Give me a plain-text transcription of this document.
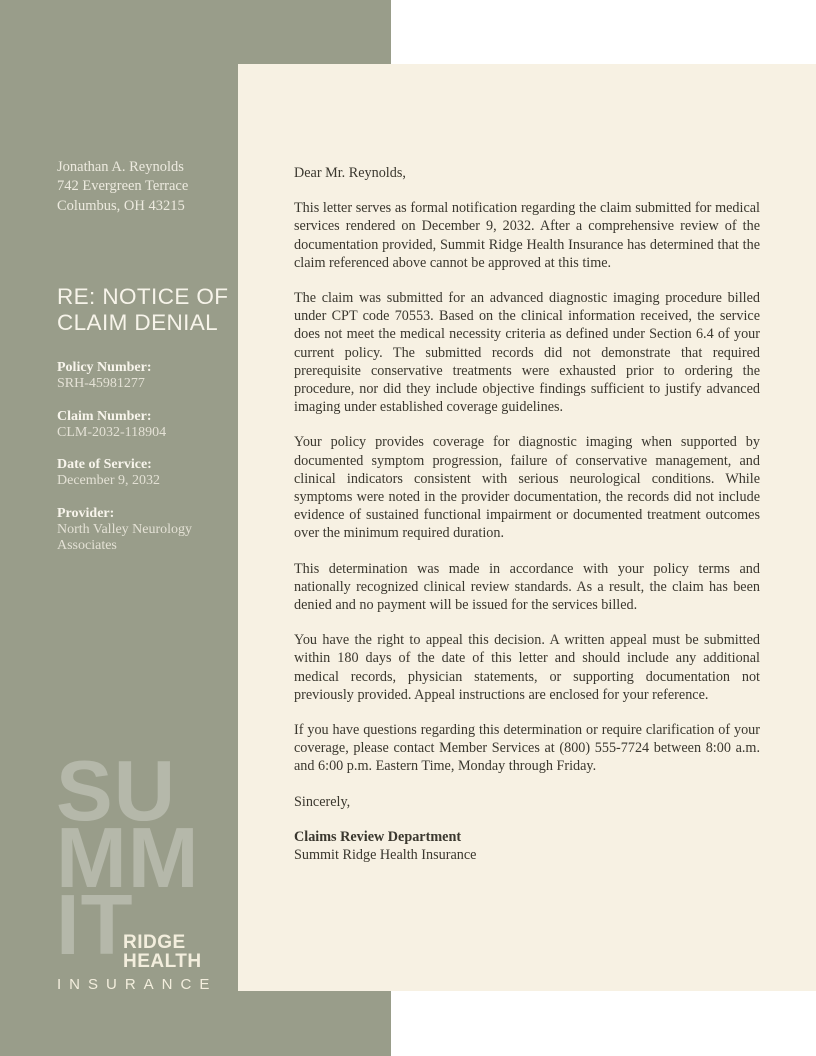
Jonathan A. Reynolds
742 Evergreen Terrace
Columbus, OH 43215
RE: NOTICE OF
CLAIM DENIAL
Policy Number:
SRH-45981277
Claim Number:
CLM-2032-118904
Date of Service:
December 9, 2032
Provider:
North Valley Neurology Associates
SU
MM
IT
RIDGE
HEALTH
INSURANCE

Dear Mr. Reynolds,

This letter serves as formal notification regarding the claim submitted for medical services rendered on December 9, 2032. After a comprehensive review of the documentation provided, Summit Ridge Health Insurance has determined that the claim referenced above cannot be approved at this time.

The claim was submitted for an advanced diagnostic imaging procedure billed under CPT code 70553. Based on the clinical information received, the service does not meet the medical necessity criteria as defined under Section 6.4 of your current policy. The submitted records did not demonstrate that required prerequisite conservative treatments were exhausted prior to ordering the procedure, nor did they include objective findings sufficient to justify advanced imaging under established coverage guidelines.

Your policy provides coverage for diagnostic imaging when supported by documented symptom progression, failure of conservative management, and clinical indicators consistent with serious neurological conditions. While symptoms were noted in the provider documentation, the records did not include evidence of sustained functional impairment or documented treatment outcomes over the minimum required duration.

This determination was made in accordance with your policy terms and nationally recognized clinical review standards. As a result, the claim has been denied and no payment will be issued for the services billed.

You have the right to appeal this decision. A written appeal must be submitted within 180 days of the date of this letter and should include any additional medical records, physician statements, or supporting documentation not previously provided. Appeal instructions are enclosed for your reference.

If you have questions regarding this determination or require clarification of your coverage, please contact Member Services at (800) 555-7724 between 8:00 a.m. and 6:00 p.m. Eastern Time, Monday through Friday.

Sincerely,

Claims Review Department

Summit Ridge Health Insurance
